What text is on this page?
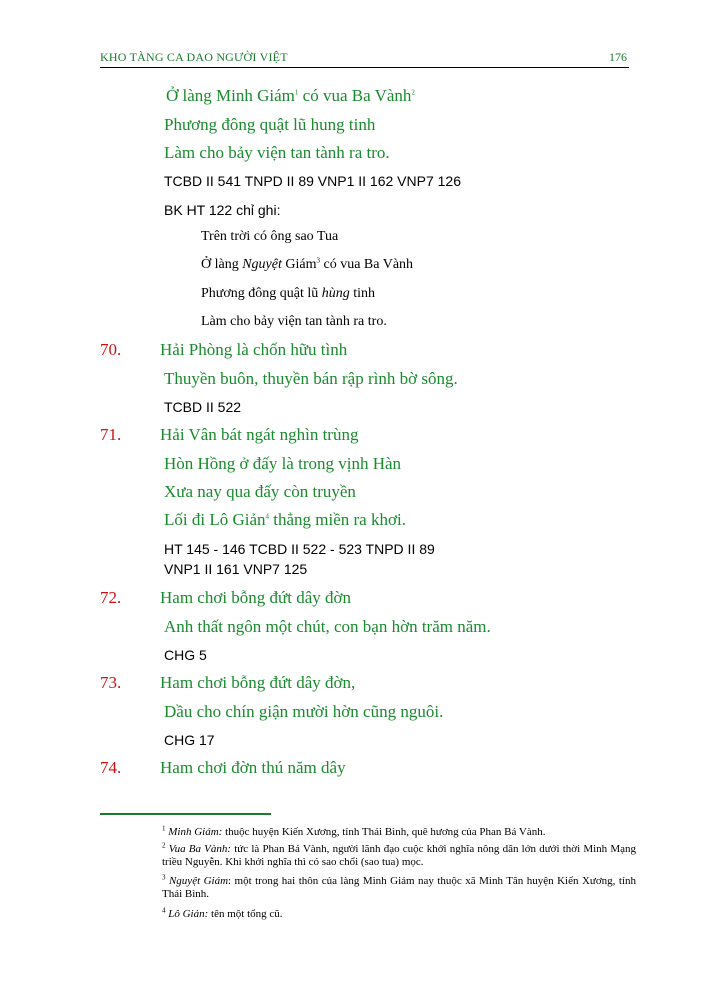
KHO TÀNG CA DAO NGƯỜI VIỆT	176
Ở làng Minh Giám$^1$ có vua Ba Vành$^2$
Phương đông quật lũ hung tinh
Làm cho bảy viện tan tành ra tro.
TCBD II 541 TNPD II 89 VNP1 II 162 VNP7 126
BK HT 122 chỉ ghi:
Trên trời có ông sao Tua
Ở làng Nguyệt Giám$^3$ có vua Ba Vành
Phương đông quật lũ hùng tinh
Làm cho bảy viện tan tành ra tro.
70. Hải Phòng là chốn hữu tình
Thuyền buôn, thuyền bán rập rình bờ sông.
TCBD II 522
71. Hải Vân bát ngát nghìn trùng
Hòn Hồng ở đấy là trong vịnh Hàn
Xưa nay qua đấy còn truyền
Lối đi Lô Giản$^4$ thẳng miền ra khơi.
HT 145 - 146 TCBD II 522 - 523 TNPD II 89
VNP1 II 161 VNP7 125
72. Ham chơi bỗng đứt dây đờn
Anh thất ngôn một chút, con bạn hờn trăm năm.
CHG 5
73. Ham chơi bỗng đứt dây đờn,
Dầu cho chín giận mười hờn cũng nguôi.
CHG 17
74. Ham chơi đờn thú năm dây
$^1$ Minh Giám: thuộc huyện Kiến Xương, tỉnh Thái Bình, quê hương của Phan Bá Vành.
$^2$ Vua Ba Vành: tức là Phan Bá Vành, người lãnh đạo cuộc khởi nghĩa nông dân lớn dưới thời Minh Mạng triều Nguyễn. Khi khởi nghĩa thì có sao chổi (sao tua) mọc.
$^3$ Nguyệt Giám: một trong hai thôn của làng Minh Giám nay thuộc xã Minh Tân huyện Kiến Xương, tỉnh Thái Bình.
$^4$ Lô Giản: tên một tổng cũ.
